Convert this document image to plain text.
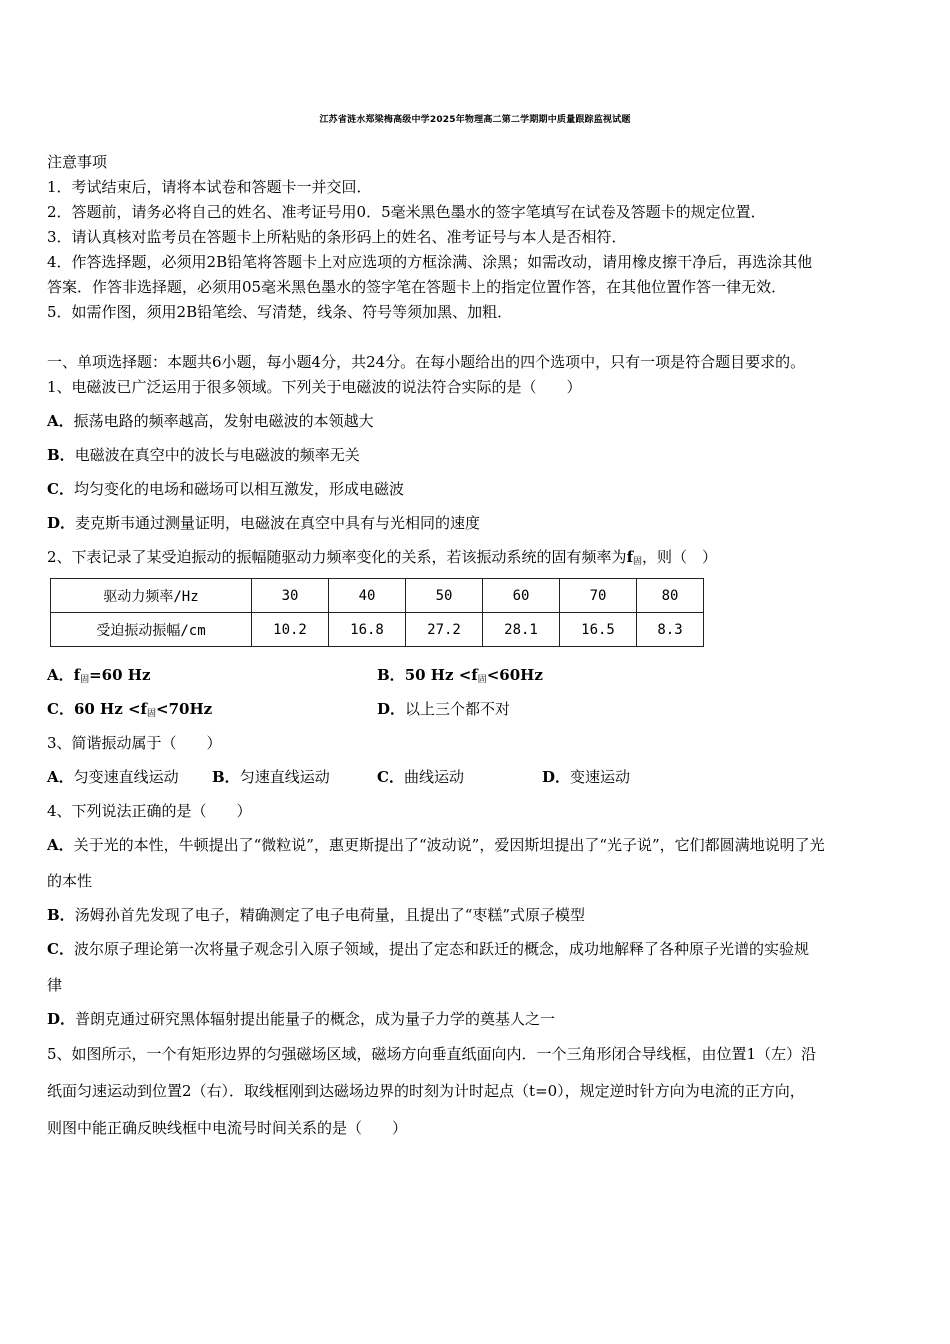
江苏省涟水郑梁梅高级中学2025年物理高二第二学期期中质量跟踪监视试题
注意事项
1．考试结束后，请将本试卷和答题卡一并交回．
2．答题前，请务必将自己的姓名、准考证号用0．5毫米黑色墨水的签字笔填写在试卷及答题卡的规定位置．
3．请认真核对监考员在答题卡上所粘贴的条形码上的姓名、准考证号与本人是否相符．
4．作答选择题，必须用2B铅笔将答题卡上对应选项的方框涂满、涂黑；如需改动，请用橡皮擦干净后，再选涂其他
答案．作答非选择题，必须用05毫米黑色墨水的签字笔在答题卡上的指定位置作答，在其他位置作答一律无效．
5．如需作图，须用2B铅笔绘、写清楚，线条、符号等须加黑、加粗．
一、单项选择题：本题共6小题，每小题4分，共24分。在每小题给出的四个选项中，只有一项是符合题目要求的。
1、电磁波已广泛运用于很多领域。下列关于电磁波的说法符合实际的是（　　）
A．振荡电路的频率越高，发射电磁波的本领越大
B．电磁波在真空中的波长与电磁波的频率无关
C．均匀变化的电场和磁场可以相互激发，形成电磁波
D．麦克斯韦通过测量证明，电磁波在真空中具有与光相同的速度
2、下表记录了某受迫振动的振幅随驱动力频率变化的关系，若该振动系统的固有频率为$f_固$，则（　）
驱动力频率/Hz	30	40	50	60	70	80
受迫振动振幅/cm	10.2	16.8	27.2	28.1	16.5	8.3
A．$f_固=60$ Hz	B．50 $Hz <f_固<60Hz$
C．60 $Hz <f_固<70Hz$	D．以上三个都不对
3、简谐振动属于（　　）
A．匀变速直线运动 B．匀速直线运动	C．曲线运动	D．变速运动
4、下列说法正确的是（　　）
A．关于光的本性，牛顿提出了“微粒说”，惠更斯提出了“波动说”，爱因斯坦提出了“光子说”，它们都圆满地说明了光
的本性
B．汤姆孙首先发现了电子，精确测定了电子电荷量，且提出了“枣糕”式原子模型
C．波尔原子理论第一次将量子观念引入原子领域，提出了定态和跃迁的概念，成功地解释了各种原子光谱的实验规
律
D．普朗克通过研究黑体辐射提出能量子的概念，成为量子力学的奠基人之一
5、如图所示，一个有矩形边界的匀强磁场区域，磁场方向垂直纸面向内．一个三角形闭合导线框，由位置1（左）沿
纸面匀速运动到位置2（右）．取线框刚到达磁场边界的时刻为计时起点（t=0），规定逆时针方向为电流的正方向，
则图中能正确反映线框中电流号时间关系的是（　　）
